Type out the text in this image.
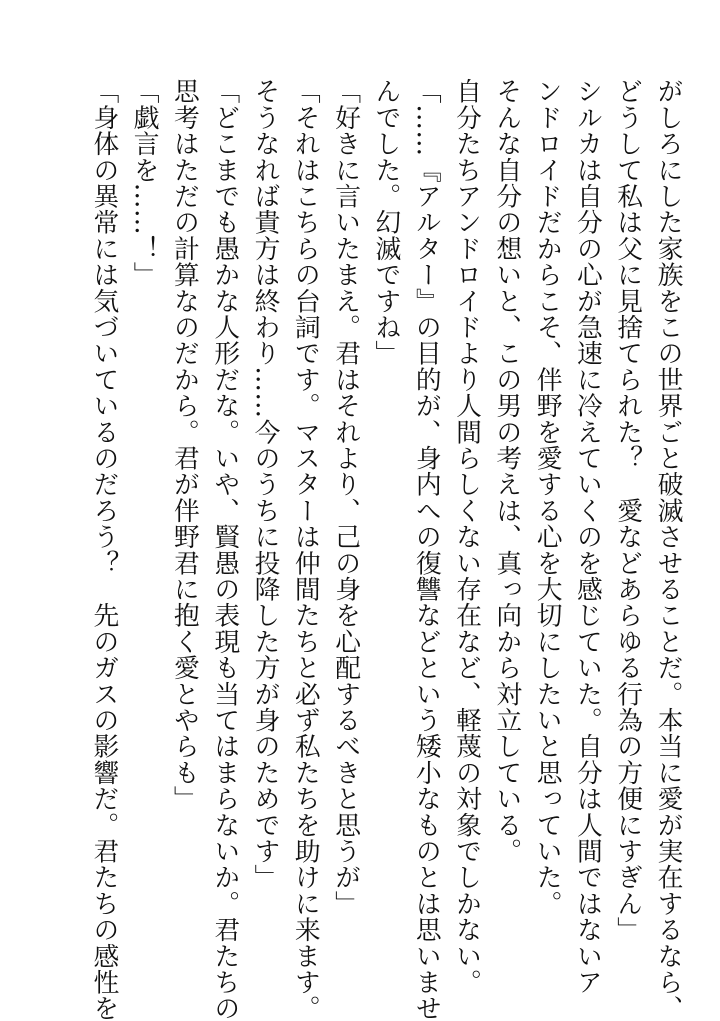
がしろにした家族をこの世界ごと破滅させることだ。本当に愛が実在するなら、
どうして私は父に見捨てられた？　愛などあらゆる行為の方便にすぎん」
シルカは自分の心が急速に冷えていくのを感じていた。自分は人間ではないア
ンドロイドだからこそ、伴野を愛する心を大切にしたいと思っていた。
そんな自分の想いと、この男の考えは、真っ向から対立している。
自分たちアンドロイドより人間らしくない存在など、軽蔑の対象でしかない。
「……『アルター』の目的が、身内への復讐などという矮小なものとは思いませ
んでした。幻滅ですね」
「好きに言いたまえ。君はそれより、己の身を心配するべきと思うが」
「それはこちらの台詞です。マスターは仲間たちと必ず私たちを助けに来ます。
そうなれば貴方は終わり……今のうちに投降した方が身のためです」
「どこまでも愚かな人形だな。いや、賢愚の表現も当てはまらないか。君たちの
思考はただの計算なのだから。君が伴野君に抱く愛とやらも」
「戯言を……！」
「身体の異常には気づいているのだろう？　先のガスの影響だ。君たちの感性を
